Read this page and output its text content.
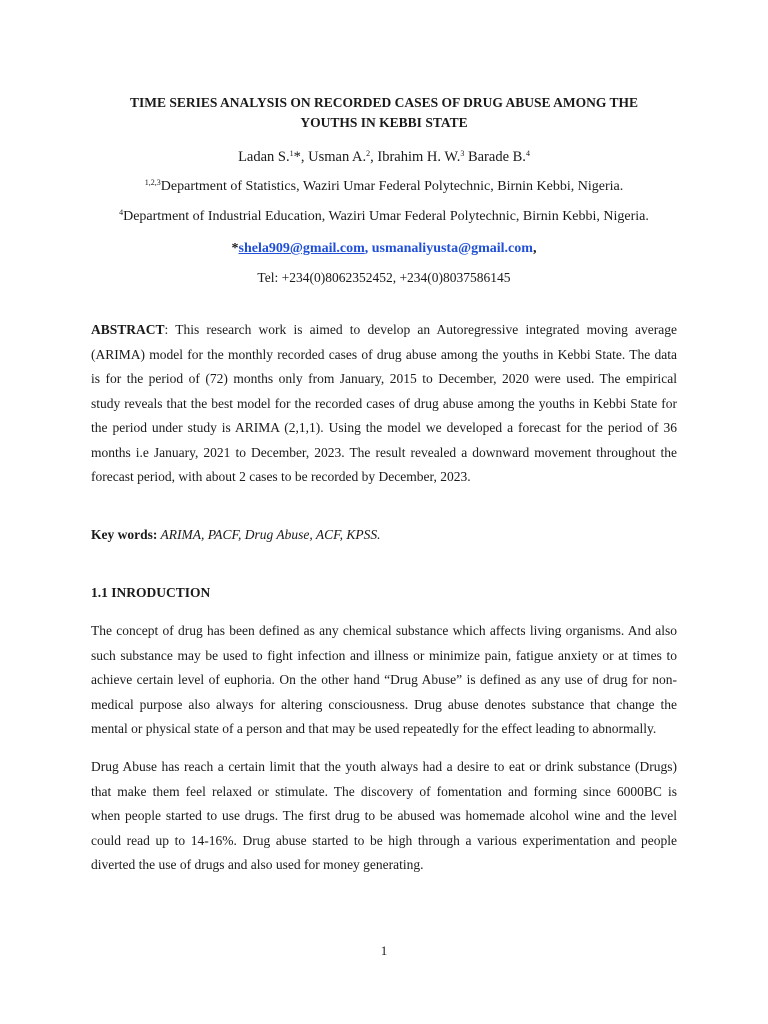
TIME SERIES ANALYSIS ON RECORDED CASES OF DRUG ABUSE AMONG THE
YOUTHS IN KEBBI STATE
Ladan S.$^1$*, Usman A.$^2$, Ibrahim H. W.$^3$ Barade B.$^4$
$^{1,2,3}$Department of Statistics, Waziri Umar Federal Polytechnic, Birnin Kebbi, Nigeria.
$^4$Department of Industrial Education, Waziri Umar Federal Polytechnic, Birnin Kebbi, Nigeria.
*shela909@gmail.com, usmanaliyusta@gmail.com,
Tel: +234(0)8062352452, +234(0)8037586145
ABSTRACT: This research work is aimed to develop an Autoregressive integrated moving average
(ARIMA) model for the monthly recorded cases of drug abuse among the youths in Kebbi State. The data
is for the period of (72) months only from January, 2015 to December, 2020 were used. The empirical
study reveals that the best model for the recorded cases of drug abuse among the youths in Kebbi State for
the period under study is ARIMA (2,1,1). Using the model we developed a forecast for the period of 36
months i.e January, 2021 to December, 2023. The result revealed a downward movement throughout the
forecast period, with about 2 cases to be recorded by December, 2023.
Key words: ARIMA, PACF, Drug Abuse, ACF, KPSS.
1.1 INRODUCTION
The concept of drug has been defined as any chemical substance which affects living organisms. And also
such substance may be used to fight infection and illness or minimize pain, fatigue anxiety or at times to
achieve certain level of euphoria. On the other hand “Drug Abuse” is defined as any use of drug for non-
medical purpose also always for altering consciousness. Drug abuse denotes substance that change the
mental or physical state of a person and that may be used repeatedly for the effect leading to abnormally.
Drug Abuse has reach a certain limit that the youth always had a desire to eat or drink substance (Drugs)
that make them feel relaxed or stimulate. The discovery of fomentation and forming since 6000BC is
when people started to use drugs. The first drug to be abused was homemade alcohol wine and the level
could read up to 14-16%. Drug abuse started to be high through a various experimentation and people
diverted the use of drugs and also used for money generating.
1
